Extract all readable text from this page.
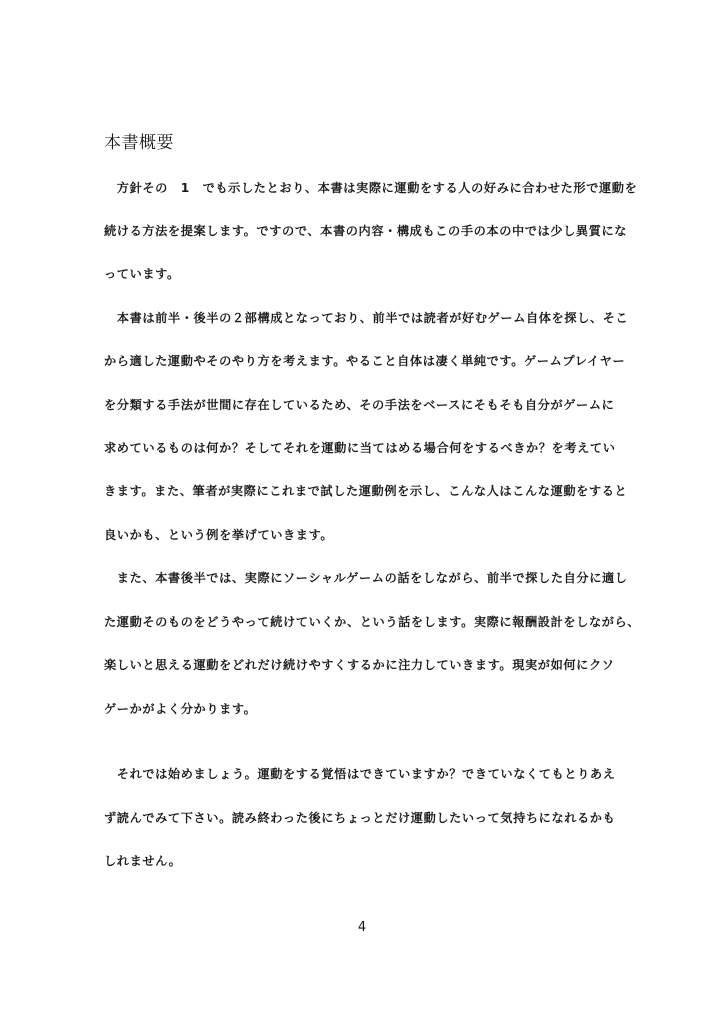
本書概要
　方針その　1　でも示したとおり、本書は実際に運動をする人の好みに合わせた形で運動を
続ける方法を提案します。ですので、本書の内容・構成もこの手の本の中では少し異質にな
っています。
　本書は前半・後半の２部構成となっており、前半では読者が好むゲーム自体を探し、そこ
から適した運動やそのやり方を考えます。やること自体は凄く単純です。ゲームプレイヤー
を分類する手法が世間に存在しているため、その手法をベースにそもそも自分がゲームに
求めているものは何か？そしてそれを運動に当てはめる場合何をするべきか？を考えてい
きます。また、筆者が実際にこれまで試した運動例を示し、こんな人はこんな運動をすると
良いかも、という例を挙げていきます。
　また、本書後半では、実際にソーシャルゲームの話をしながら、前半で探した自分に適し
た運動そのものをどうやって続けていくか、という話をします。実際に報酬設計をしながら、
楽しいと思える運動をどれだけ続けやすくするかに注力していきます。現実が如何にクソ
ゲーかがよく分かります。
　それでは始めましょう。運動をする覚悟はできていますか？できていなくてもとりあえ
ず読んでみて下さい。読み終わった後にちょっとだけ運動したいって気持ちになれるかも
しれません。
4
